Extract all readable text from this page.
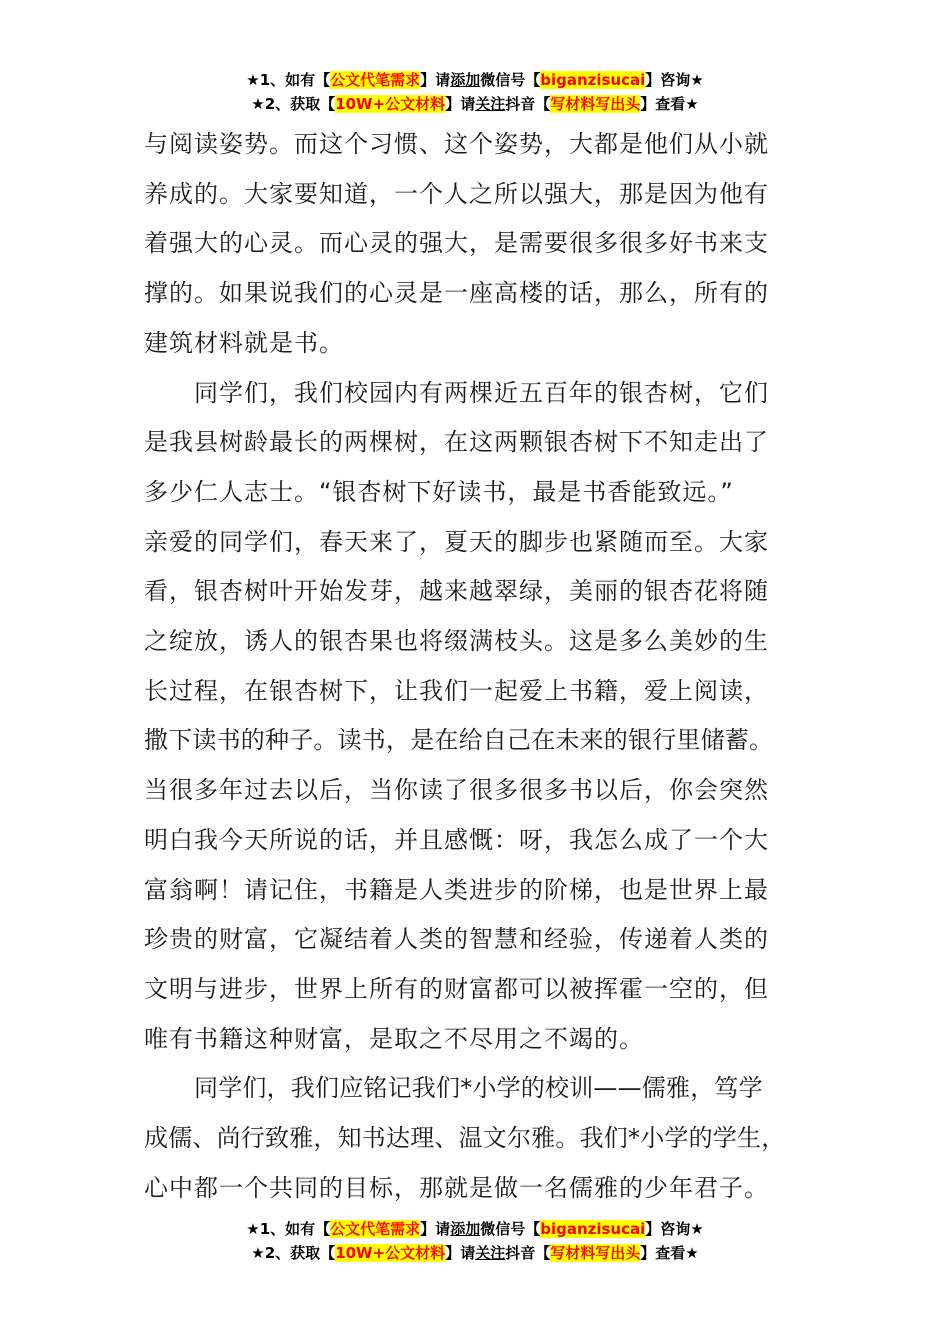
★1、如有【公文代笔需求】请添加微信号【biganzisucai】咨询★
★2、获取【10W+公文材料】请关注抖音【写材料写出头】查看★

与阅读姿势。而这个习惯、这个姿势，大都是他们从小就

养成的。大家要知道，一个人之所以强大，那是因为他有

着强大的心灵。而心灵的强大，是需要很多很多好书来支

撑的。如果说我们的心灵是一座高楼的话，那么，所有的

建筑材料就是书。

同学们，我们校园内有两棵近五百年的银杏树，它们

是我县树龄最长的两棵树，在这两颗银杏树下不知走出了

多少仁人志士。“银杏树下好读书，最是书香能致远。”

亲爱的同学们，春天来了，夏天的脚步也紧随而至。大家

看，银杏树叶开始发芽，越来越翠绿，美丽的银杏花将随

之绽放，诱人的银杏果也将缀满枝头。这是多么美妙的生

长过程，在银杏树下，让我们一起爱上书籍，爱上阅读，

撒下读书的种子。读书，是在给自己在未来的银行里储蓄。

当很多年过去以后，当你读了很多很多书以后，你会突然

明白我今天所说的话，并且感慨：呀，我怎么成了一个大

富翁啊！请记住，书籍是人类进步的阶梯，也是世界上最

珍贵的财富，它凝结着人类的智慧和经验，传递着人类的

文明与进步，世界上所有的财富都可以被挥霍一空的，但

唯有书籍这种财富，是取之不尽用之不竭的。

同学们，我们应铭记我们*小学的校训——儒雅，笃学

成儒、尚行致雅，知书达理、温文尔雅。我们*小学的学生，

心中都一个共同的目标，那就是做一名儒雅的少年君子。

★1、如有【公文代笔需求】请添加微信号【biganzisucai】咨询★
★2、获取【10W+公文材料】请关注抖音【写材料写出头】查看★
